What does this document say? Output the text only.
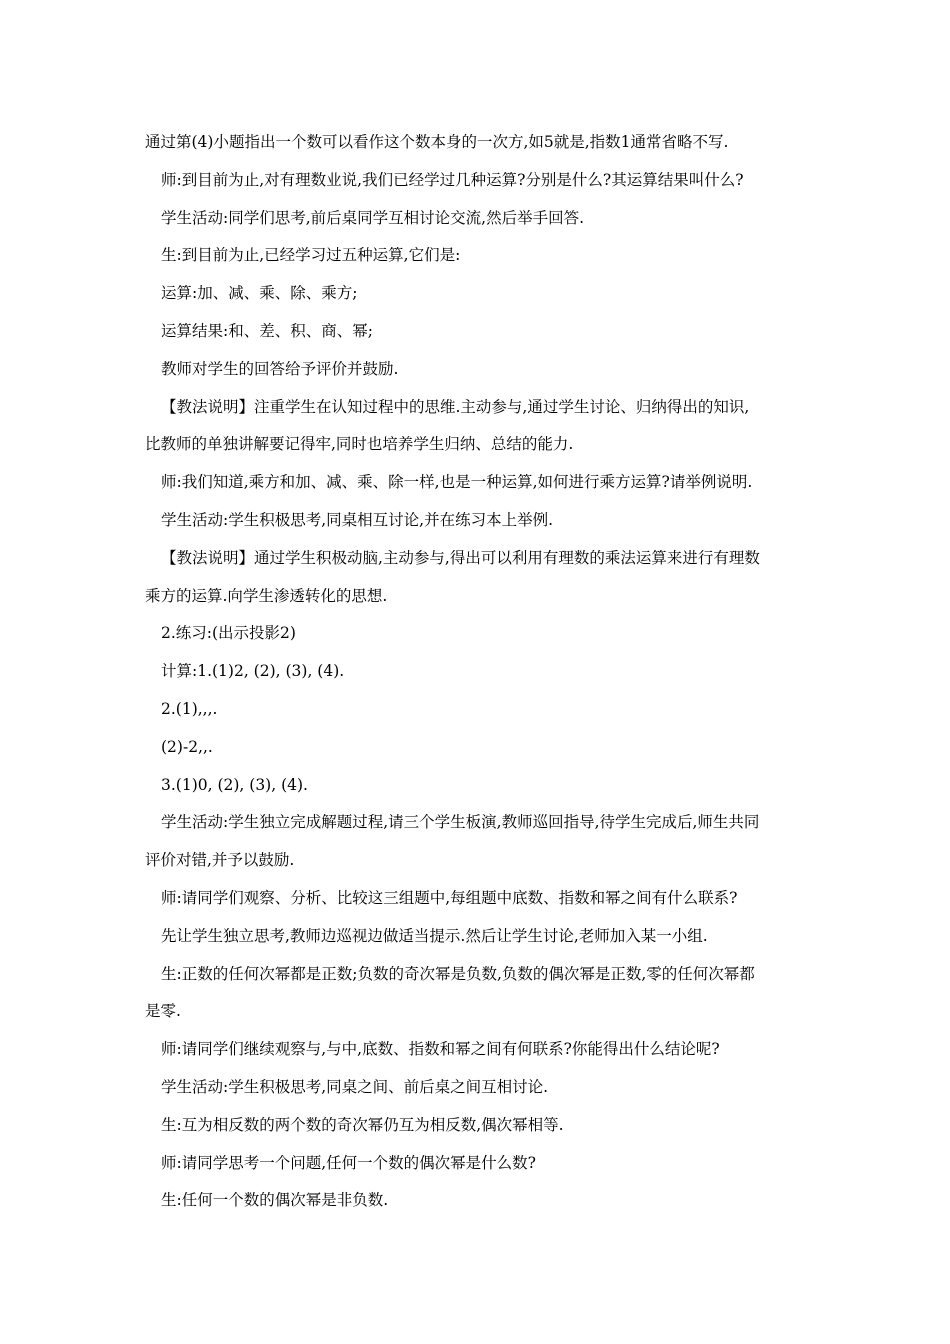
通过第(4)小题指出一个数可以看作这个数本身的一次方,如5就是,指数1通常省略不写.

师:到目前为止,对有理数业说,我们已经学过几种运算?分别是什么?其运算结果叫什么?

学生活动:同学们思考,前后桌同学互相讨论交流,然后举手回答.

生:到目前为止,已经学习过五种运算,它们是:

运算:加、减、乘、除、乘方;

运算结果:和、差、积、商、幂;

教师对学生的回答给予评价并鼓励.

【教法说明】注重学生在认知过程中的思维.主动参与,通过学生讨论、归纳得出的知识,

比教师的单独讲解要记得牢,同时也培养学生归纳、总结的能力.

师:我们知道,乘方和加、减、乘、除一样,也是一种运算,如何进行乘方运算?请举例说明.

学生活动:学生积极思考,同桌相互讨论,并在练习本上举例.

【教法说明】通过学生积极动脑,主动参与,得出可以利用有理数的乘法运算来进行有理数

乘方的运算.向学生渗透转化的思想.

2.练习:(出示投影2)

计算:1.(1)2, (2), (3), (4).

2.(1),,,.

(2)-2,,.

3.(1)0, (2), (3), (4).

学生活动:学生独立完成解题过程,请三个学生板演,教师巡回指导,待学生完成后,师生共同

评价对错,并予以鼓励.

师:请同学们观察、分析、比较这三组题中,每组题中底数、指数和幂之间有什么联系?

先让学生独立思考,教师边巡视边做适当提示.然后让学生讨论,老师加入某一小组.

生:正数的任何次幂都是正数;负数的奇次幂是负数,负数的偶次幂是正数,零的任何次幂都

是零.

师:请同学们继续观察与,与中,底数、指数和幂之间有何联系?你能得出什么结论呢?

学生活动:学生积极思考,同桌之间、前后桌之间互相讨论.

生:互为相反数的两个数的奇次幂仍互为相反数,偶次幂相等.

师:请同学思考一个问题,任何一个数的偶次幂是什么数?

生:任何一个数的偶次幂是非负数.
